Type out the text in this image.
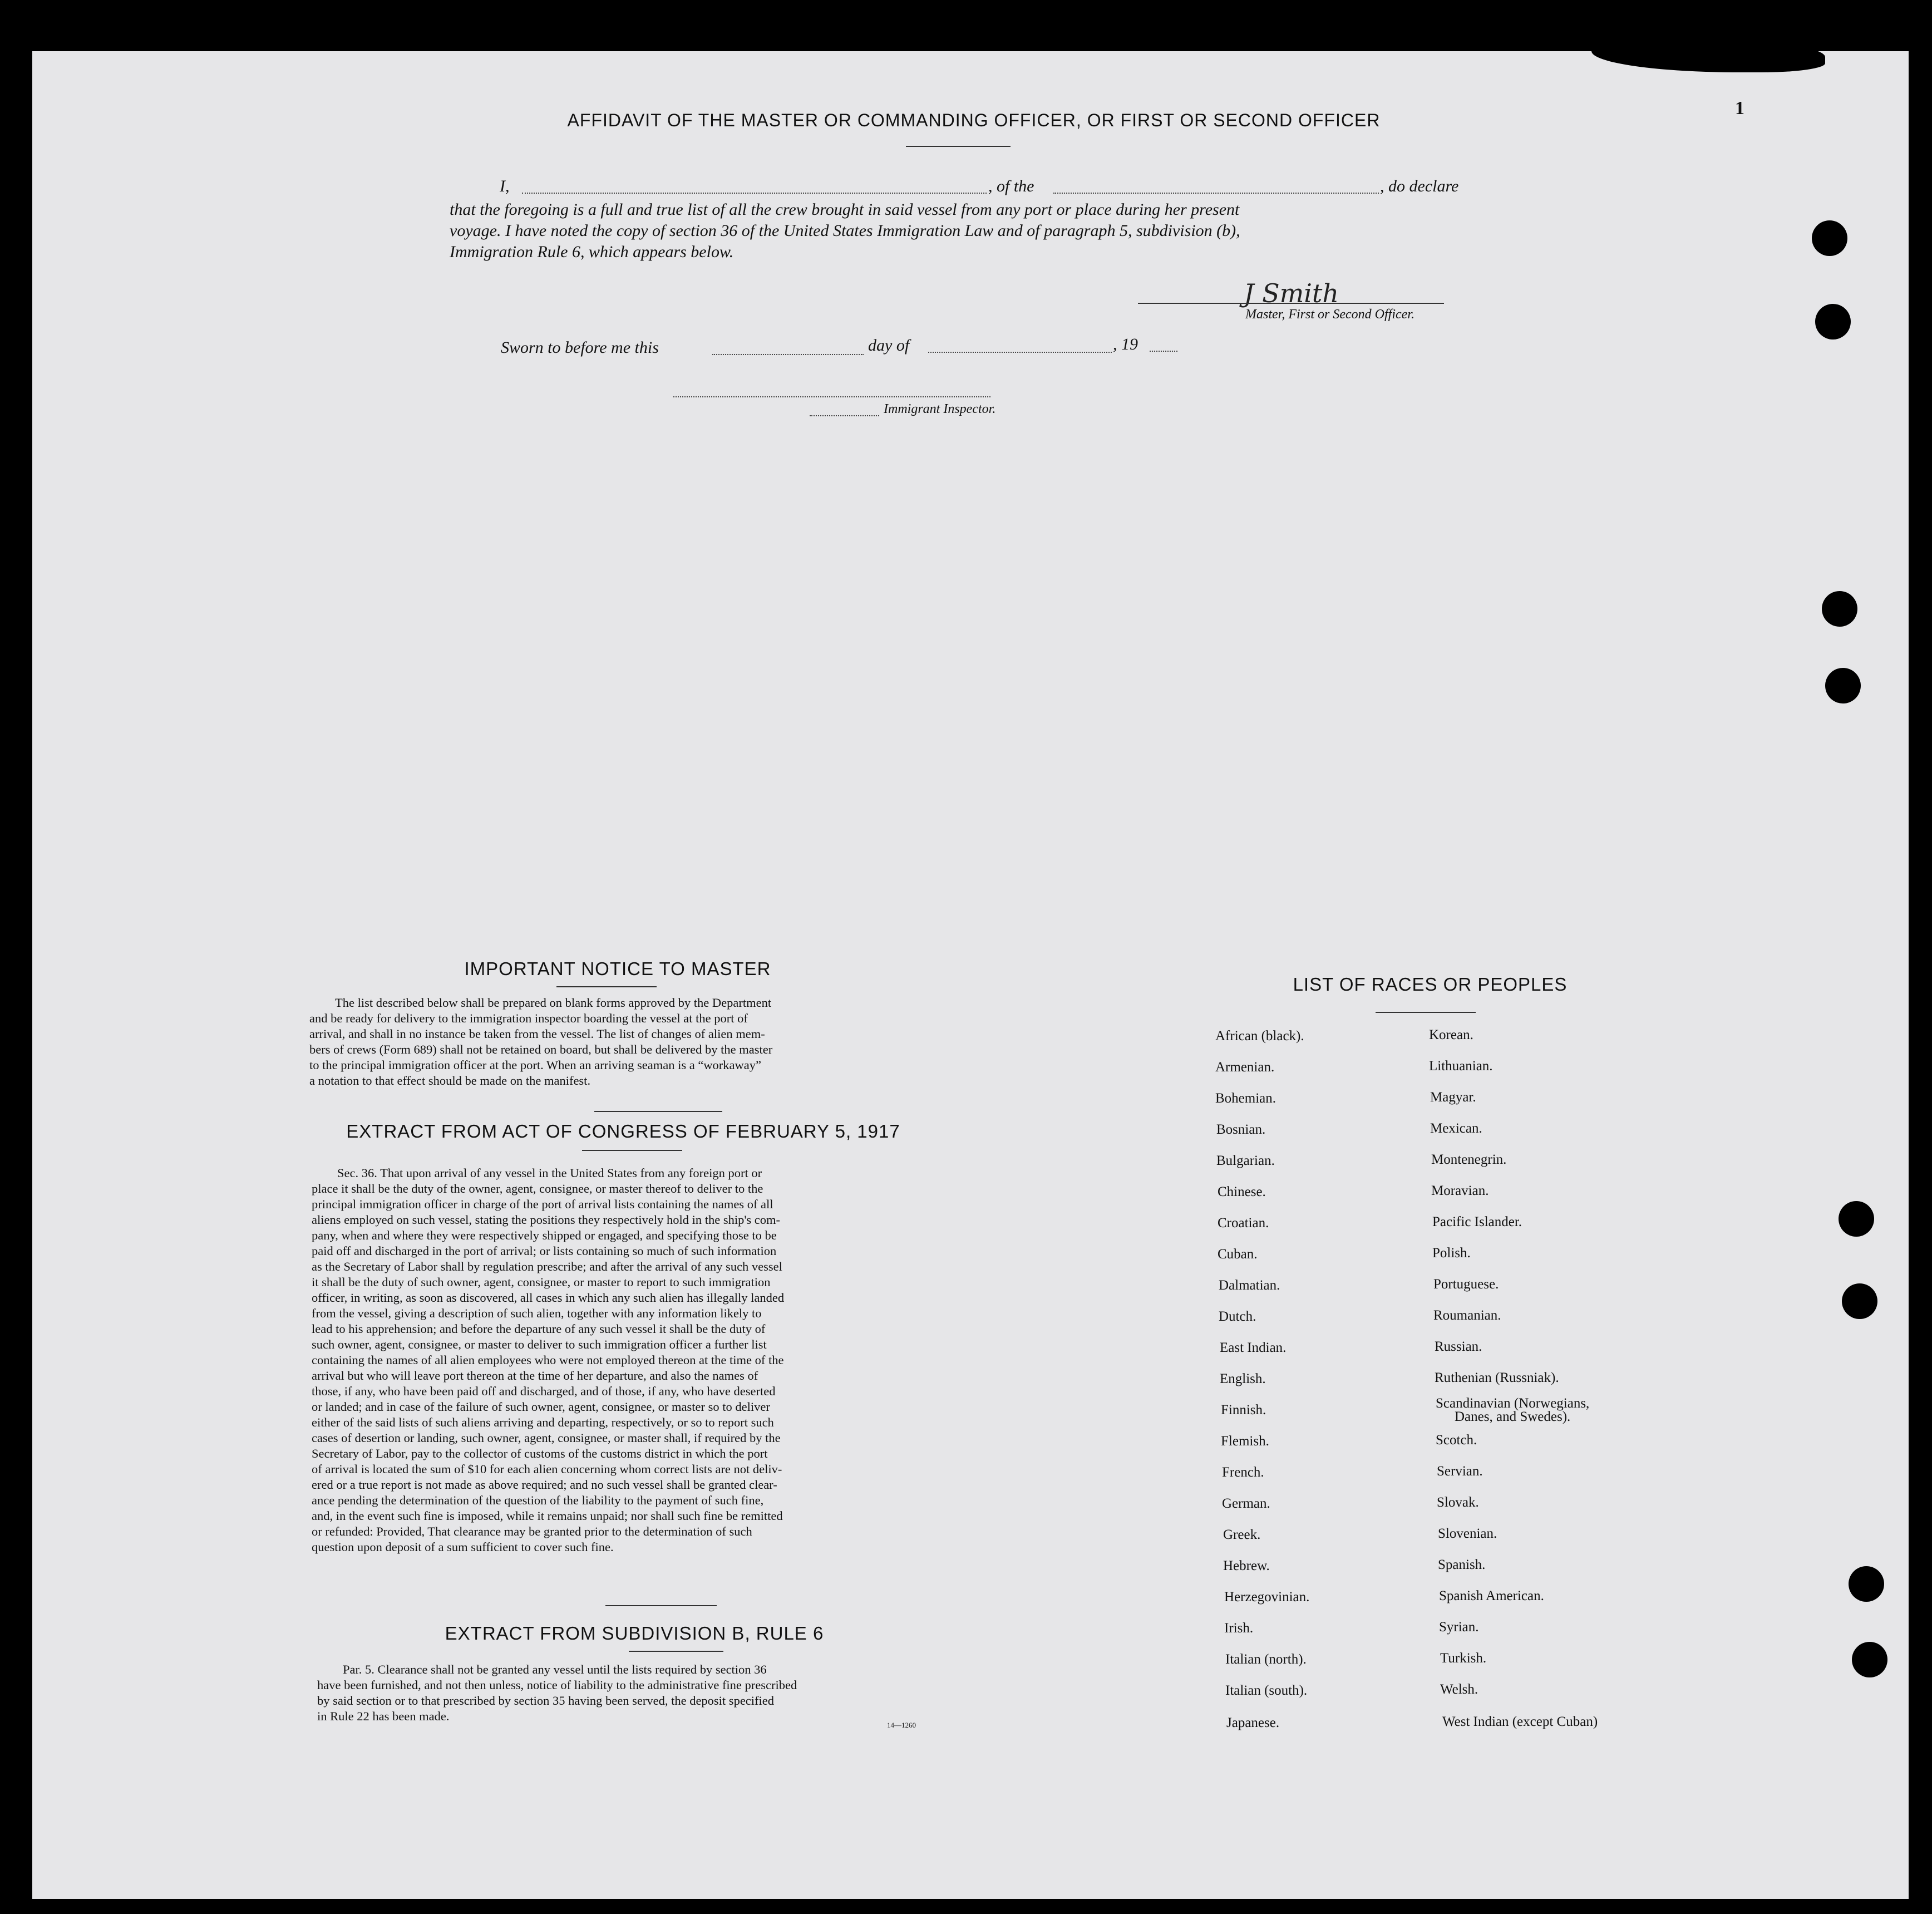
1
AFFIDAVIT OF THE MASTER OR COMMANDING OFFICER, OR FIRST OR SECOND OFFICER
I,	, of the	, do declare
that the foregoing is a full and true list of all the crew brought in said vessel from any port or place during her present
voyage. I have noted the copy of section 36 of the United States Immigration Law and of paragraph 5, subdivision (b),
Immigration Rule 6, which appears below.
J Smith
Master, First or Second Officer.
Sworn to before me this	day of	, 19
Immigrant Inspector.
IMPORTANT NOTICE TO MASTER
The list described below shall be prepared on blank forms approved by the Department
and be ready for delivery to the immigration inspector boarding the vessel at the port of
arrival, and shall in no instance be taken from the vessel. The list of changes of alien mem-
bers of crews (Form 689) shall not be retained on board, but shall be delivered by the master
to the principal immigration officer at the port. When an arriving seaman is a “workaway”
a notation to that effect should be made on the manifest.
EXTRACT FROM ACT OF CONGRESS OF FEBRUARY 5, 1917
Sec. 36. That upon arrival of any vessel in the United States from any foreign port or
place it shall be the duty of the owner, agent, consignee, or master thereof to deliver to the
principal immigration officer in charge of the port of arrival lists containing the names of all
aliens employed on such vessel, stating the positions they respectively hold in the ship's com-
pany, when and where they were respectively shipped or engaged, and specifying those to be
paid off and discharged in the port of arrival; or lists containing so much of such information
as the Secretary of Labor shall by regulation prescribe; and after the arrival of any such vessel
it shall be the duty of such owner, agent, consignee, or master to report to such immigration
officer, in writing, as soon as discovered, all cases in which any such alien has illegally landed
from the vessel, giving a description of such alien, together with any information likely to
lead to his apprehension; and before the departure of any such vessel it shall be the duty of
such owner, agent, consignee, or master to deliver to such immigration officer a further list
containing the names of all alien employees who were not employed thereon at the time of the
arrival but who will leave port thereon at the time of her departure, and also the names of
those, if any, who have been paid off and discharged, and of those, if any, who have deserted
or landed; and in case of the failure of such owner, agent, consignee, or master so to deliver
either of the said lists of such aliens arriving and departing, respectively, or so to report such
cases of desertion or landing, such owner, agent, consignee, or master shall, if required by the
Secretary of Labor, pay to the collector of customs of the customs district in which the port
of arrival is located the sum of $10 for each alien concerning whom correct lists are not deliv-
ered or a true report is not made as above required; and no such vessel shall be granted clear-
ance pending the determination of the question of the liability to the payment of such fine,
and, in the event such fine is imposed, while it remains unpaid; nor shall such fine be remitted
or refunded: Provided, That clearance may be granted prior to the determination of such
question upon deposit of a sum sufficient to cover such fine.
EXTRACT FROM SUBDIVISION B, RULE 6
Par. 5. Clearance shall not be granted any vessel until the lists required by section 36
have been furnished, and not then unless, notice of liability to the administrative fine prescribed
by said section or to that prescribed by section 35 having been served, the deposit specified
in Rule 22 has been made.
14—1260
LIST OF RACES OR PEOPLES
African (black).
Armenian.
Bohemian.
Bosnian.
Bulgarian.
Chinese.
Croatian.
Cuban.
Dalmatian.
Dutch.
East Indian.
English.
Finnish.
Flemish.
French.
German.
Greek.
Hebrew.
Herzegovinian.
Irish.
Italian (north).
Italian (south).
Japanese.
Korean.
Lithuanian.
Magyar.
Mexican.
Montenegrin.
Moravian.
Pacific Islander.
Polish.
Portuguese.
Roumanian.
Russian.
Ruthenian (Russniak).
Scandinavian (Norwegians,
Danes, and Swedes).
Scotch.
Servian.
Slovak.
Slovenian.
Spanish.
Spanish American.
Syrian.
Turkish.
Welsh.
West Indian (except Cuban)
